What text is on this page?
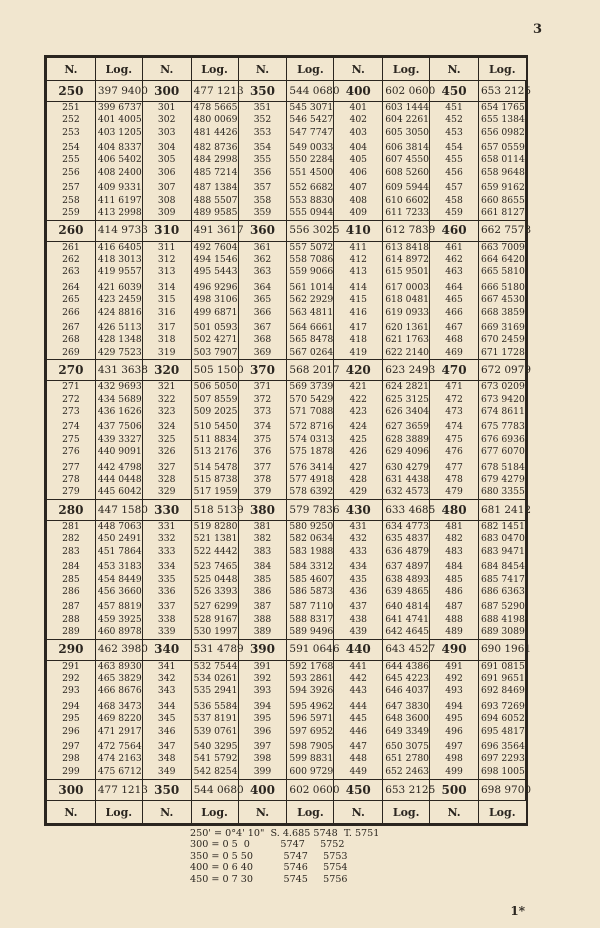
3
N.	Log.	N.	Log.	N.	Log.	N.	Log.	N.	Log.
250	397 9400	300	477 1213	350	544 0680	400	602 0600	450	653 2125
251	399 6737	301	478 5665	351	545 3071	401	603 1444	451	654 1765
252	401 4005	302	480 0069	352	546 5427	402	604 2261	452	655 1384
253	403 1205	303	481 4426	353	547 7747	403	605 3050	453	656 0982

254	404 8337	304	482 8736	354	549 0033	404	606 3814	454	657 0559
255	406 5402	305	484 2998	355	550 2284	405	607 4550	455	658 0114
256	408 2400	306	485 7214	356	551 4500	406	608 5260	456	658 9648

257	409 9331	307	487 1384	357	552 6682	407	609 5944	457	659 9162
258	411 6197	308	488 5507	358	553 8830	408	610 6602	458	660 8655
259	413 2998	309	489 9585	359	555 0944	409	611 7233	459	661 8127
260	414 9733	310	491 3617	360	556 3025	410	612 7839	460	662 7578
261	416 6405	311	492 7604	361	557 5072	411	613 8418	461	663 7009
262	418 3013	312	494 1546	362	558 7086	412	614 8972	462	664 6420
263	419 9557	313	495 5443	363	559 9066	413	615 9501	463	665 5810

264	421 6039	314	496 9296	364	561 1014	414	617 0003	464	666 5180
265	423 2459	315	498 3106	365	562 2929	415	618 0481	465	667 4530
266	424 8816	316	499 6871	366	563 4811	416	619 0933	466	668 3859

267	426 5113	317	501 0593	367	564 6661	417	620 1361	467	669 3169
268	428 1348	318	502 4271	368	565 8478	418	621 1763	468	670 2459
269	429 7523	319	503 7907	369	567 0264	419	622 2140	469	671 1728
270	431 3638	320	505 1500	370	568 2017	420	623 2493	470	672 0979
271	432 9693	321	506 5050	371	569 3739	421	624 2821	471	673 0209
272	434 5689	322	507 8559	372	570 5429	422	625 3125	472	673 9420
273	436 1626	323	509 2025	373	571 7088	423	626 3404	473	674 8611

274	437 7506	324	510 5450	374	572 8716	424	627 3659	474	675 7783
275	439 3327	325	511 8834	375	574 0313	425	628 3889	475	676 6936
276	440 9091	326	513 2176	376	575 1878	426	629 4096	476	677 6070

277	442 4798	327	514 5478	377	576 3414	427	630 4279	477	678 5184
278	444 0448	328	515 8738	378	577 4918	428	631 4438	478	679 4279
279	445 6042	329	517 1959	379	578 6392	429	632 4573	479	680 3355
280	447 1580	330	518 5139	380	579 7836	430	633 4685	480	681 2412
281	448 7063	331	519 8280	381	580 9250	431	634 4773	481	682 1451
282	450 2491	332	521 1381	382	582 0634	432	635 4837	482	683 0470
283	451 7864	333	522 4442	383	583 1988	433	636 4879	483	683 9471

284	453 3183	334	523 7465	384	584 3312	434	637 4897	484	684 8454
285	454 8449	335	525 0448	385	585 4607	435	638 4893	485	685 7417
286	456 3660	336	526 3393	386	586 5873	436	639 4865	486	686 6363

287	457 8819	337	527 6299	387	587 7110	437	640 4814	487	687 5290
288	459 3925	338	528 9167	388	588 8317	438	641 4741	488	688 4198
289	460 8978	339	530 1997	389	589 9496	439	642 4645	489	689 3089
290	462 3980	340	531 4789	390	591 0646	440	643 4527	490	690 1961
291	463 8930	341	532 7544	391	592 1768	441	644 4386	491	691 0815
292	465 3829	342	534 0261	392	593 2861	442	645 4223	492	691 9651
293	466 8676	343	535 2941	393	594 3926	443	646 4037	493	692 8469

294	468 3473	344	536 5584	394	595 4962	444	647 3830	494	693 7269
295	469 8220	345	537 8191	395	596 5971	445	648 3600	495	694 6052
296	471 2917	346	539 0761	396	597 6952	446	649 3349	496	695 4817

297	472 7564	347	540 3295	397	598 7905	447	650 3075	497	696 3564
298	474 2163	348	541 5792	398	599 8831	448	651 2780	498	697 2293
299	475 6712	349	542 8254	399	600 9729	449	652 2463	499	698 1005
300	477 1213	350	544 0680	400	602 0600	450	653 2125	500	698 9700
N.	Log.	N.	Log.	N.	Log.	N.	Log.	N.	Log.
250' = 0°4' 10"  S. 4.685 5748  T. 5751
300 = 0 5  0          5747     5752
350 = 0 5 50          5747     5753
400 = 0 6 40          5746     5754
450 = 0 7 30          5745     5756
1*
